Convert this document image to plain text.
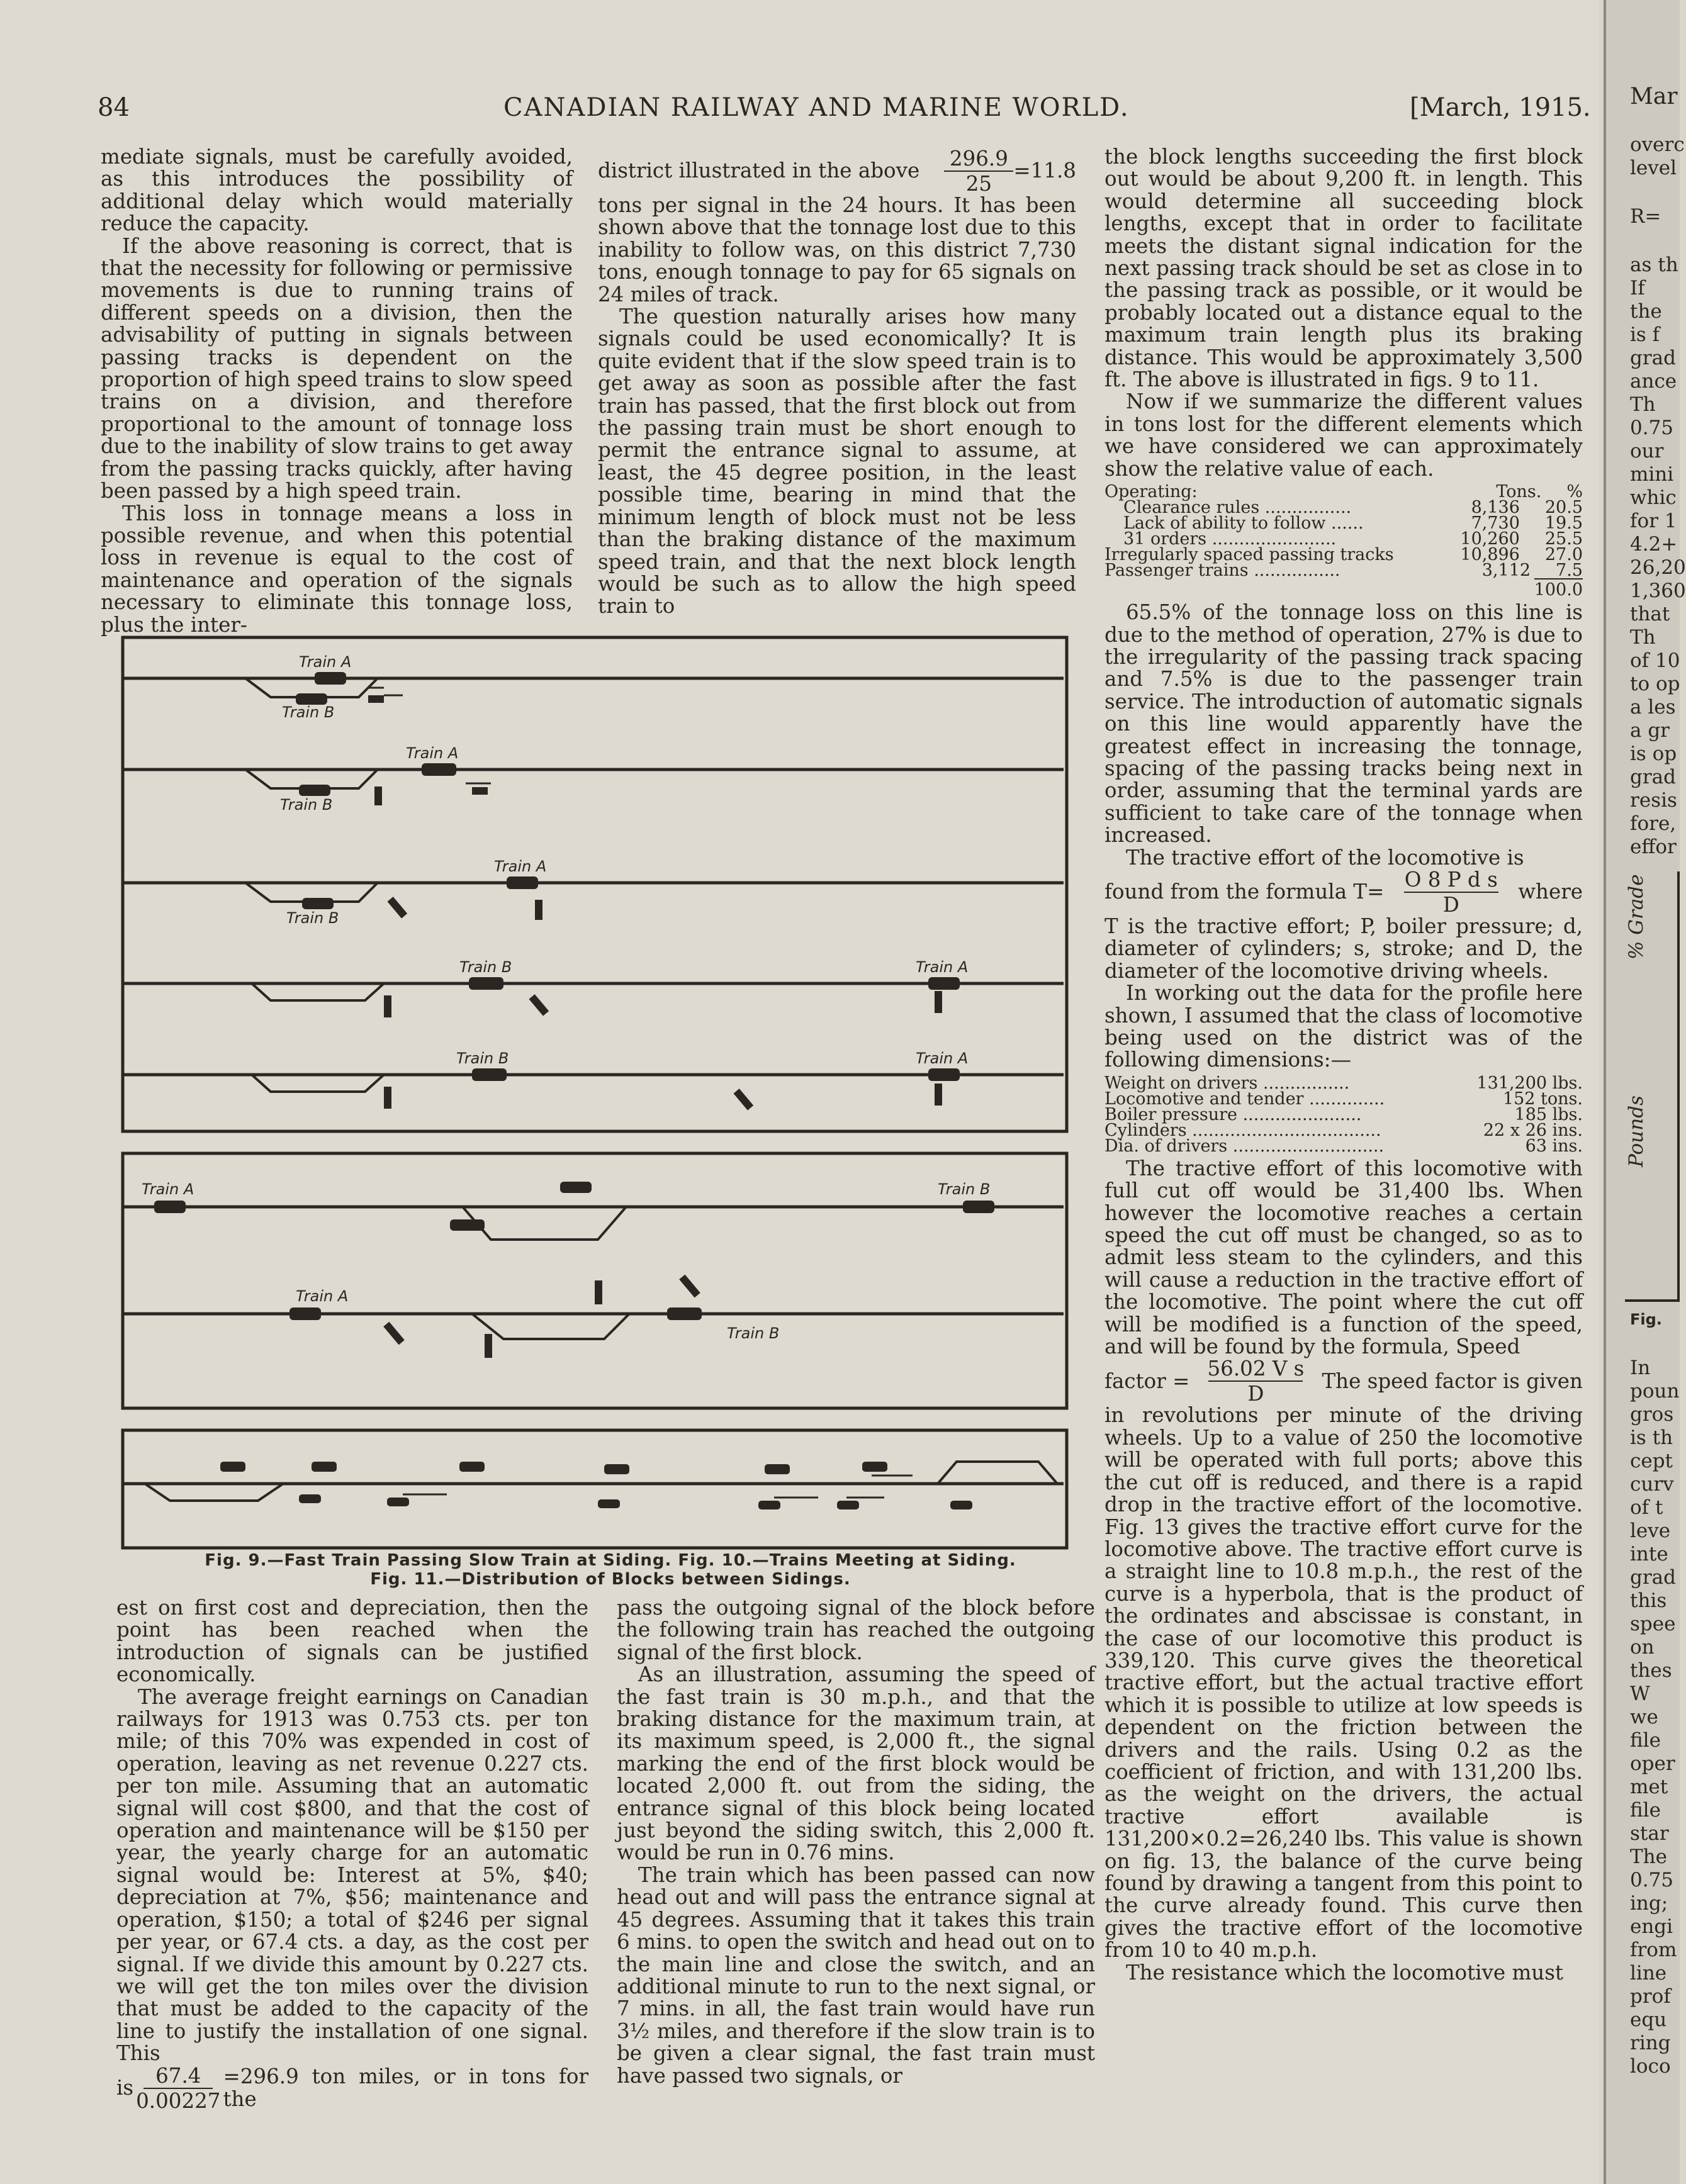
84	CANADIAN RAILWAY AND MARINE WORLD.	[March, 1915.

mediate signals, must be carefully avoided, as this introduces the possibility of additional delay which would materially reduce the capacity.

If the above reasoning is correct, that is that the necessity for following or permissive movements is due to running trains of different speeds on a division, then the advisability of putting in signals between passing tracks is dependent on the proportion of high speed trains to slow speed trains on a division, and therefore proportional to the amount of tonnage loss due to the inability of slow trains to get away from the passing tracks quickly, after having been passed by a high speed train.

This loss in tonnage means a loss in possible revenue, and when this potential loss in revenue is equal to the cost of maintenance and operation of the signals necessary to eliminate this tonnage loss, plus the inter-

district illustrated in the above $\frac{296.9}{25} =11.8$

tons per signal in the 24 hours. It has been shown above that the tonnage lost due to this inability to follow was, on this district 7,730 tons, enough tonnage to pay for 65 signals on 24 miles of track.

The question naturally arises how many signals could be used economically? It is quite evident that if the slow speed train is to get away as soon as possible after the fast train has passed, that the first block out from the passing train must be short enough to permit the entrance signal to assume, at least, the 45 degree position, in the least possible time, bearing in mind that the minimum length of block must not be less than the braking distance of the maximum speed train, and that the next block length would be such as to allow the high speed train to

the block lengths succeeding the first block out would be about 9,200 ft. in length. This would determine all succeeding block lengths, except that in order to facilitate meets the distant signal indication for the next passing track should be set as close in to the passing track as possible, or it would be probably located out a distance equal to the maximum train length plus its braking distance. This would be approximately 3,500 ft. The above is illustrated in figs. 9 to 11.

Now if we summarize the different values in tons lost for the different elements which we have considered we can approximately show the relative value of each.

Operating:	Tons. %
Clearance rules ................	8,136 20.5
Lack of ability to follow ......	7,730 19.5
31 orders .......................	10,260 25.5
Irregularly spaced passing tracks	10,896 27.0
Passenger trains ................	3,112 7.5
100.0

65.5% of the tonnage loss on this line is due to the method of operation, 27% is due to the irregularity of the passing track spacing and 7.5% is due to the passenger train service. The introduction of automatic signals on this line would apparently have the greatest effect in increasing the tonnage, spacing of the passing tracks being next in order, assuming that the terminal yards are sufficient to take care of the tonnage when increased.

The tractive effort of the locomotive is

found from the formula $T= \frac{\text{O 8 P d s}}{D}$ where

T is the tractive effort; P, boiler pressure; d, diameter of cylinders; s, stroke; and D, the diameter of the locomotive driving wheels.

In working out the data for the profile here shown, I assumed that the class of locomotive being used on the district was of the following dimensions:—

Weight on drivers ................	131,200 lbs.
Locomotive and tender ..............	152 tons.
Boiler pressure ......................	185 lbs.
Cylinders ...................................	22 x 26 ins.
Dia. of drivers ............................	63 ins.

The tractive effort of this locomotive with full cut off would be 31,400 lbs. When however the locomotive reaches a certain speed the cut off must be changed, so as to admit less steam to the cylinders, and this will cause a reduction in the tractive effort of the locomotive. The point where the cut off will be modified is a function of the speed, and will be found by the formula, Speed

factor = $\frac{\text{56.02 V s}}{D}$ The speed factor is given

in revolutions per minute of the driving wheels. Up to a value of 250 the locomotive will be operated with full ports; above this the cut off is reduced, and there is a rapid drop in the tractive effort of the locomotive. Fig. 13 gives the tractive effort curve for the locomotive above. The tractive effort curve is a straight line to 10.8 m.p.h., the rest of the curve is a hyperbola, that is the product of the ordinates and abscissae is constant, in the case of our locomotive this product is 339,120. This curve gives the theoretical tractive effort, but the actual tractive effort which it is possible to utilize at low speeds is dependent on the friction between the drivers and the rails. Using 0.2 as the coefficient of friction, and with 131,200 lbs. as the weight on the drivers, the actual tractive effort available is 131,200×0.2=26,240 lbs. This value is shown on fig. 13, the balance of the curve being found by drawing a tangent from this point to the curve already found. This curve then gives the tractive effort of the locomotive from 10 to 40 m.p.h.

The resistance which the locomotive must

Train A
Train B
Train A
Train B
Train A
Train B
Train B	Train A
Train B	Train A
Train A	Train B
Train A
Train B
Fig. 9.—Fast Train Passing Slow Train at Siding. Fig. 10.—Trains Meeting at Siding.
Fig. 11.—Distribution of Blocks between Sidings.

est on first cost and depreciation, then the point has been reached when the introduction of signals can be justified economically.

The average freight earnings on Canadian railways for 1913 was 0.753 cts. per ton mile; of this 70% was expended in cost of operation, leaving as net revenue 0.227 cts. per ton mile. Assuming that an automatic signal will cost $800, and that the cost of operation and maintenance will be $150 per year, the yearly charge for an automatic signal would be: Interest at 5%, $40; depreciation at 7%, $56; maintenance and operation, $150; a total of $246 per signal per year, or 67.4 cts. a day, as the cost per signal. If we divide this amount by 0.227 cts. we will get the ton miles over the division that must be added to the capacity of the line to justify the installation of one signal. This

is $\frac{67.4}{0.00227} =296.9$ ton miles, or in tons for the

pass the outgoing signal of the block before the following train has reached the outgoing signal of the first block.

As an illustration, assuming the speed of the fast train is 30 m.p.h., and that the braking distance for the maximum train, at its maximum speed, is 2,000 ft., the signal marking the end of the first block would be located 2,000 ft. out from the siding, the entrance signal of this block being located just beyond the siding switch, this 2,000 ft. would be run in 0.76 mins.

The train which has been passed can now head out and will pass the entrance signal at 45 degrees. Assuming that it takes this train 6 mins. to open the switch and head out on to the main line and close the switch, and an additional minute to run to the next signal, or 7 mins. in all, the fast train would have run 3½ miles, and therefore if the slow train is to be given a clear signal, the fast train must have passed two signals, or

Mar
overc
level
R=
as th
If
the
is f
grad
ance
Th
0.75
our
mini
whic
for 1
4.2+
26,20
1,360
that
Th
of 10
to op
a les
a gr
is op
grad
resis
fore,
effor
% Grade
Pounds
Fig.
In
poun
gros
is th
cept
curv
of t
leve
inte
grad
this
spee
on
thes
W
we
file
oper
met
file
star
The
0.75
ing;
engi
from
line
prof
equ
ring
loco
